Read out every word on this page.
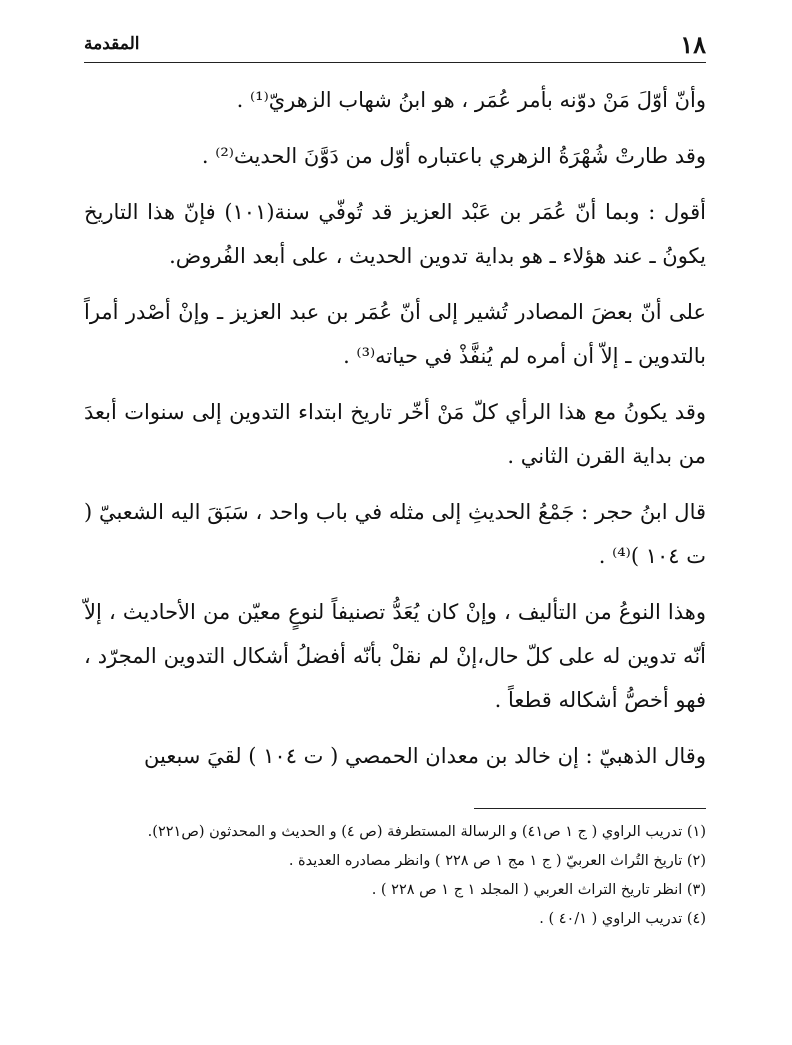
١٨
المقدمة

وأنّ أوّلَ مَنْ دوّنه بأمر عُمَر ، هو ابنُ شهاب الزهريّ⁽¹⁾ .

وقد طارتْ شُهْرَةُ الزهري باعتباره أوّل من دَوَّنَ الحديث⁽²⁾ .

أقول : وبما أنّ عُمَر بن عَبْد العزيز قد تُوفّي سنة(١٠١) فإنّ هذا التاريخ يكونُ ـ عند هؤلاء ـ هو بداية تدوين الحديث ، على أبعد الفُروض.

على أنّ بعضَ المصادر تُشير إلى أنّ عُمَر بن عبد العزيز ـ وإنْ أصْدر أمراً بالتدوين ـ إلاّ أن أمره لم يُنفَّذْ في حياته⁽³⁾ .

وقد يكونُ مع هذا الرأي كلّ مَنْ أخّر تاريخ ابتداء التدوين إلى سنوات أبعدَ من بداية القرن الثاني .

قال ابنُ حجر : جَمْعُ الحديثِ إلى مثله في باب واحد ، سَبَقَ اليه الشعبيّ ( ت ١٠٤ )⁽⁴⁾ .

وهذا النوعُ من التأليف ، وإنْ كان يُعَدُّ تصنيفاً لنوعٍ معيّن من الأحاديث ، إلاّ أنّه تدوين له على كلّ حال،إنْ لم نقلْ بأنّه أفضلُ أشكال التدوين المجرّد ، فهو أخصُّ أشكاله قطعاً .

وقال الذهبيّ : إن خالد بن معدان الحمصي ( ت ١٠٤ ) لقيَ سبعين

(١) تدريب الراوي ( ج ١ ص٤١) و الرسالة المستطرفة (ص ٤) و الحديث و المحدثون (ص٢٢١).

(٢) تاريخ التُراث العربيّ ( ج ١ مج ١ ص ٢٢٨ ) وانظر مصادره العديدة .

(٣) انظر تاريخ التراث العربي ( المجلد ١ ج ١ ص ٢٢٨ ) .

(٤) تدريب الراوي ( ٤٠/١ ) .
